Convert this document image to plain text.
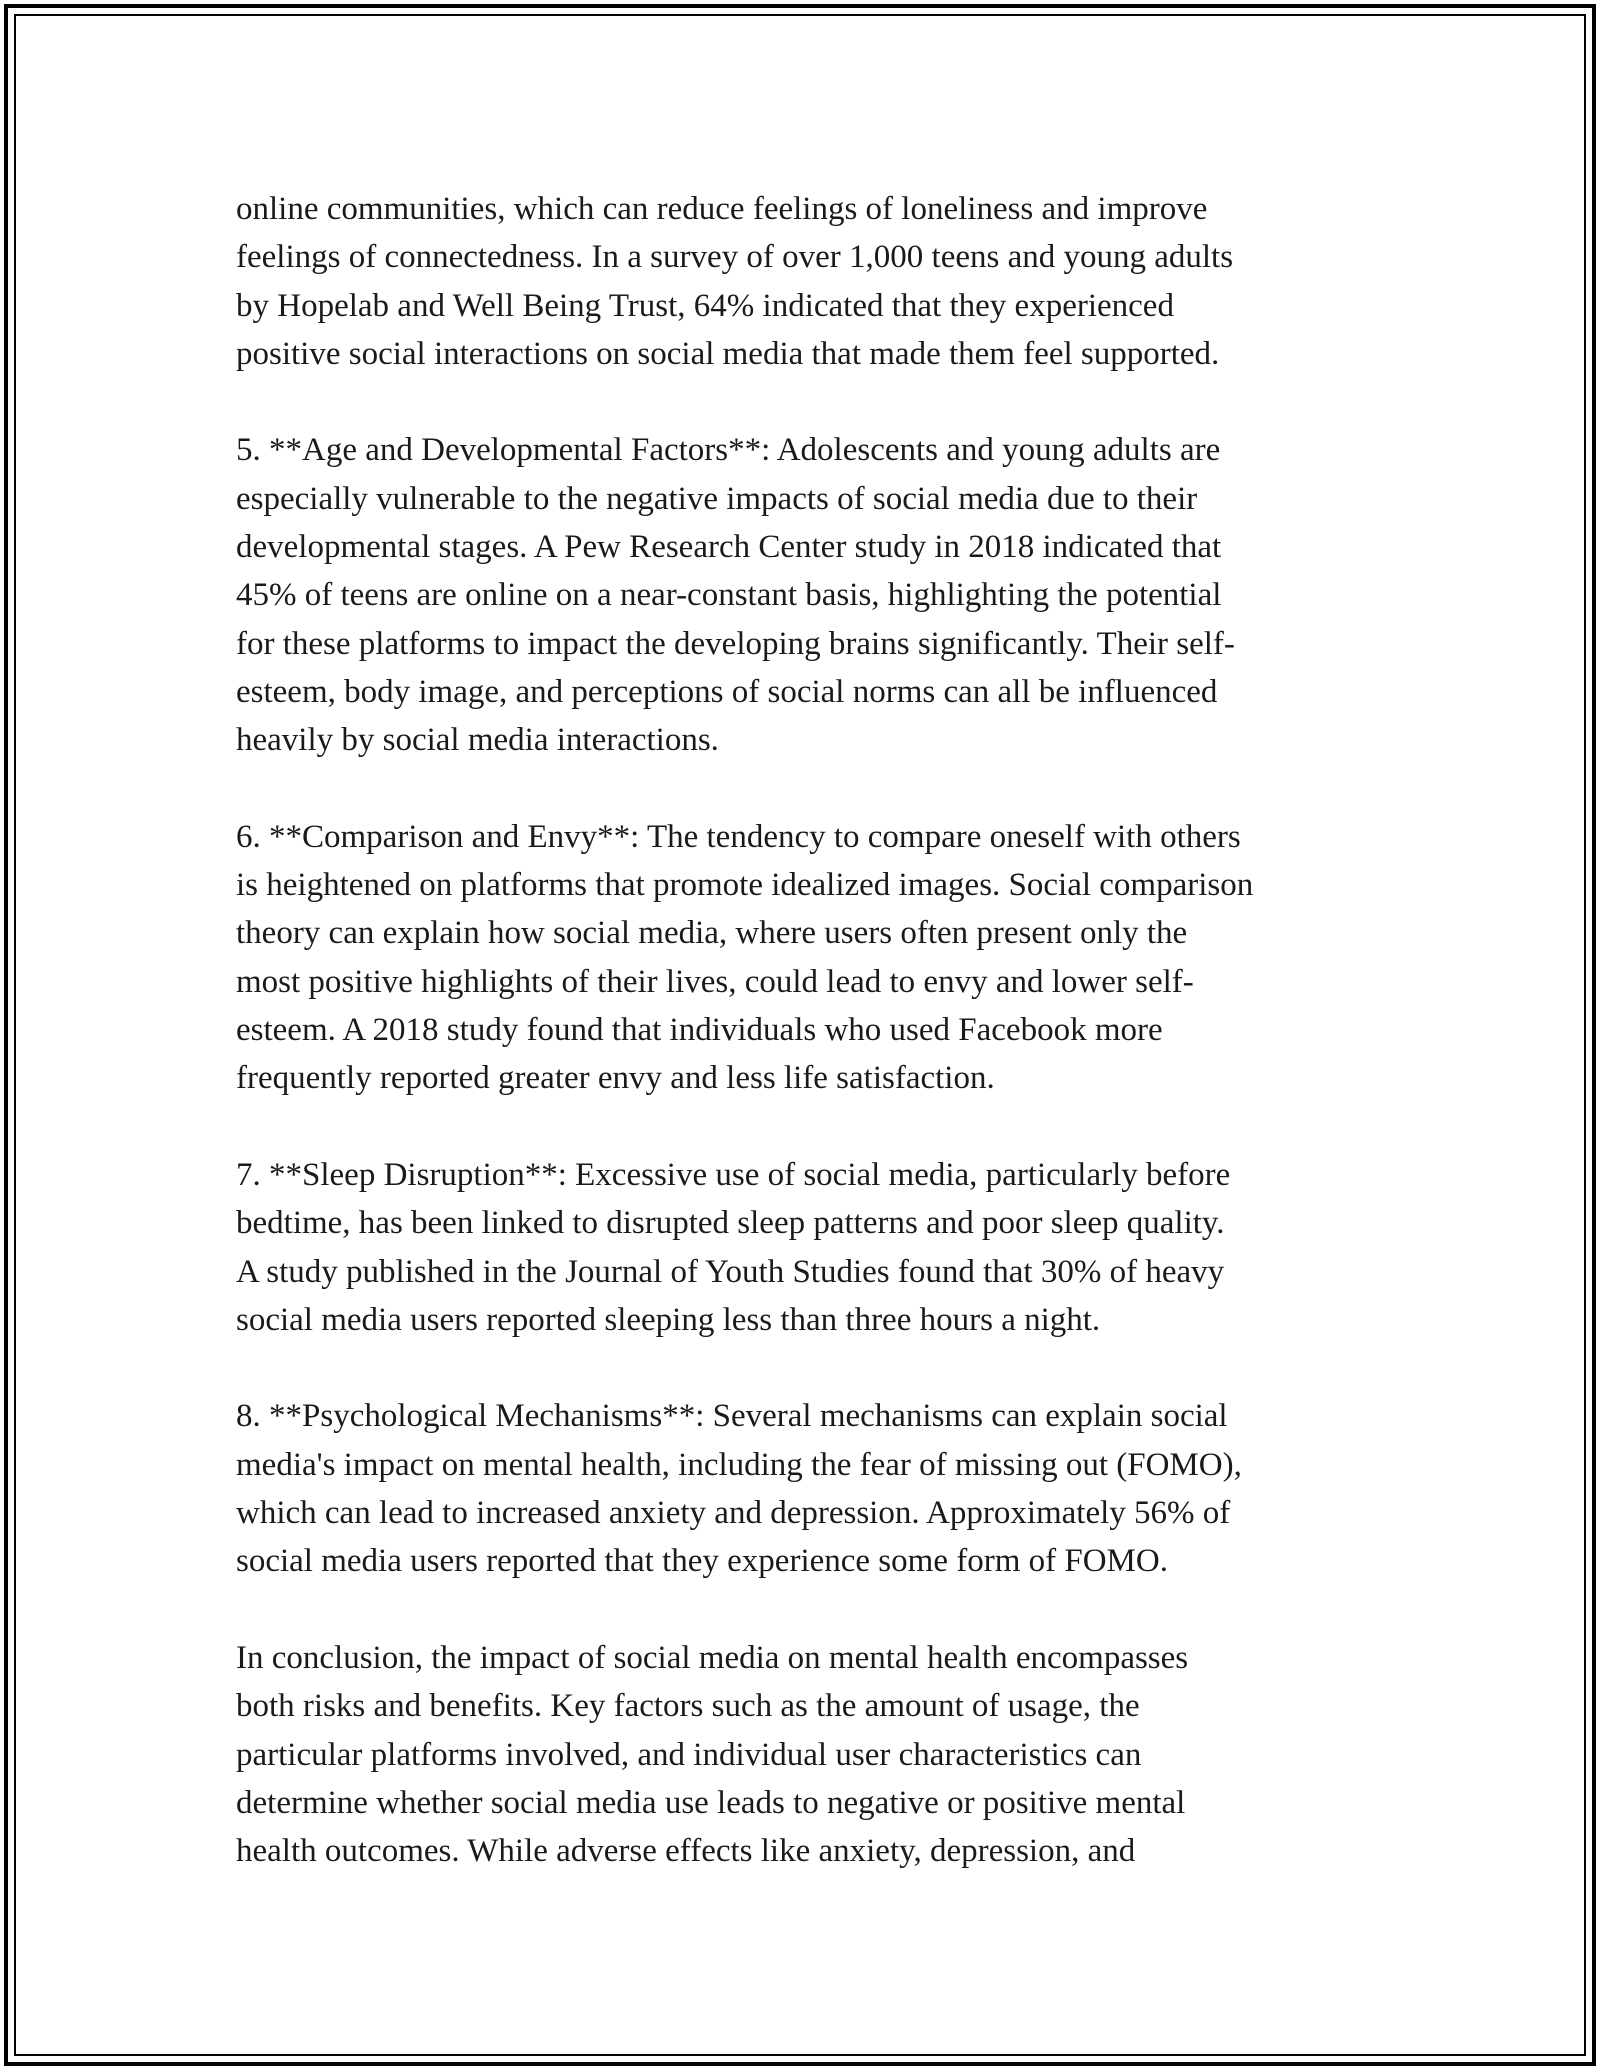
online communities, which can reduce feelings of loneliness and improve
feelings of connectedness. In a survey of over 1,000 teens and young adults
by Hopelab and Well Being Trust, 64% indicated that they experienced
positive social interactions on social media that made them feel supported.

5. **Age and Developmental Factors**: Adolescents and young adults are
especially vulnerable to the negative impacts of social media due to their
developmental stages. A Pew Research Center study in 2018 indicated that
45% of teens are online on a near-constant basis, highlighting the potential
for these platforms to impact the developing brains significantly. Their self-
esteem, body image, and perceptions of social norms can all be influenced
heavily by social media interactions.

6. **Comparison and Envy**: The tendency to compare oneself with others
is heightened on platforms that promote idealized images. Social comparison
theory can explain how social media, where users often present only the
most positive highlights of their lives, could lead to envy and lower self-
esteem. A 2018 study found that individuals who used Facebook more
frequently reported greater envy and less life satisfaction.

7. **Sleep Disruption**: Excessive use of social media, particularly before
bedtime, has been linked to disrupted sleep patterns and poor sleep quality.
A study published in the Journal of Youth Studies found that 30% of heavy
social media users reported sleeping less than three hours a night.

8. **Psychological Mechanisms**: Several mechanisms can explain social
media's impact on mental health, including the fear of missing out (FOMO),
which can lead to increased anxiety and depression. Approximately 56% of
social media users reported that they experience some form of FOMO.

In conclusion, the impact of social media on mental health encompasses
both risks and benefits. Key factors such as the amount of usage, the
particular platforms involved, and individual user characteristics can
determine whether social media use leads to negative or positive mental
health outcomes. While adverse effects like anxiety, depression, and
